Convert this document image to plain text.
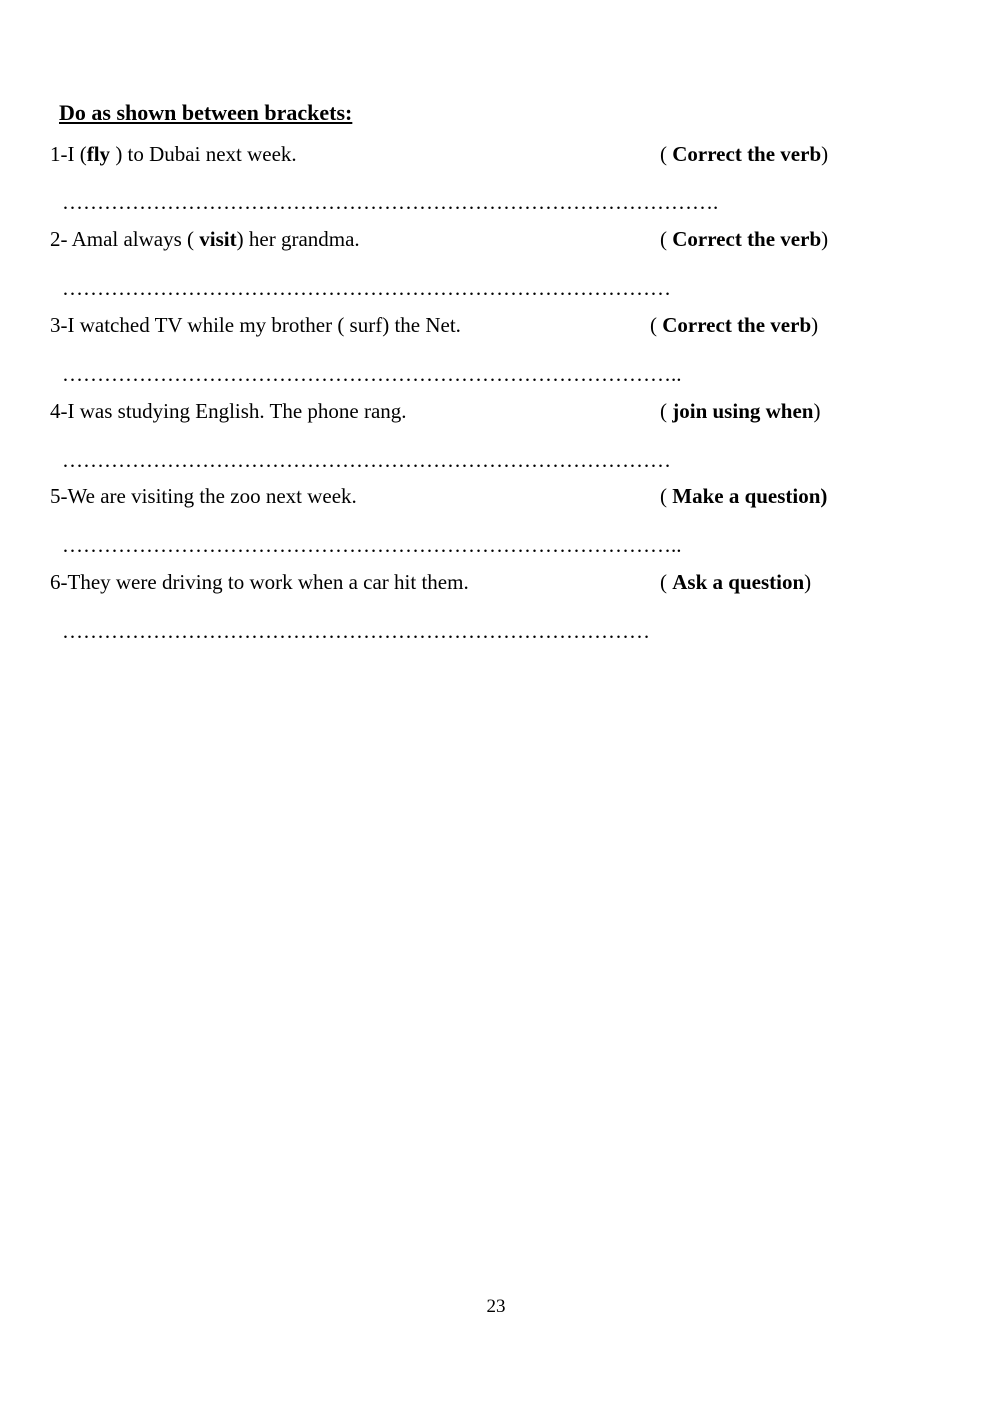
Do as shown between brackets:
1-I (fly ) to Dubai next week.	( Correct the verb)
………………………………………………………………………………….
2- Amal always ( visit) her grandma.	( Correct the verb)
……………………………………………………………………………
3-I watched TV while my brother ( surf) the Net.	( Correct the verb)
……………………………………………………………………………..
4-I was studying English. The phone rang.	( join using when)
……………………………………………………………………………
5-We are visiting the zoo next week.	( Make a question)
……………………………………………………………………………..
6-They were driving to work when a car hit them.	( Ask a question)
…………………………………………………………………………
23
